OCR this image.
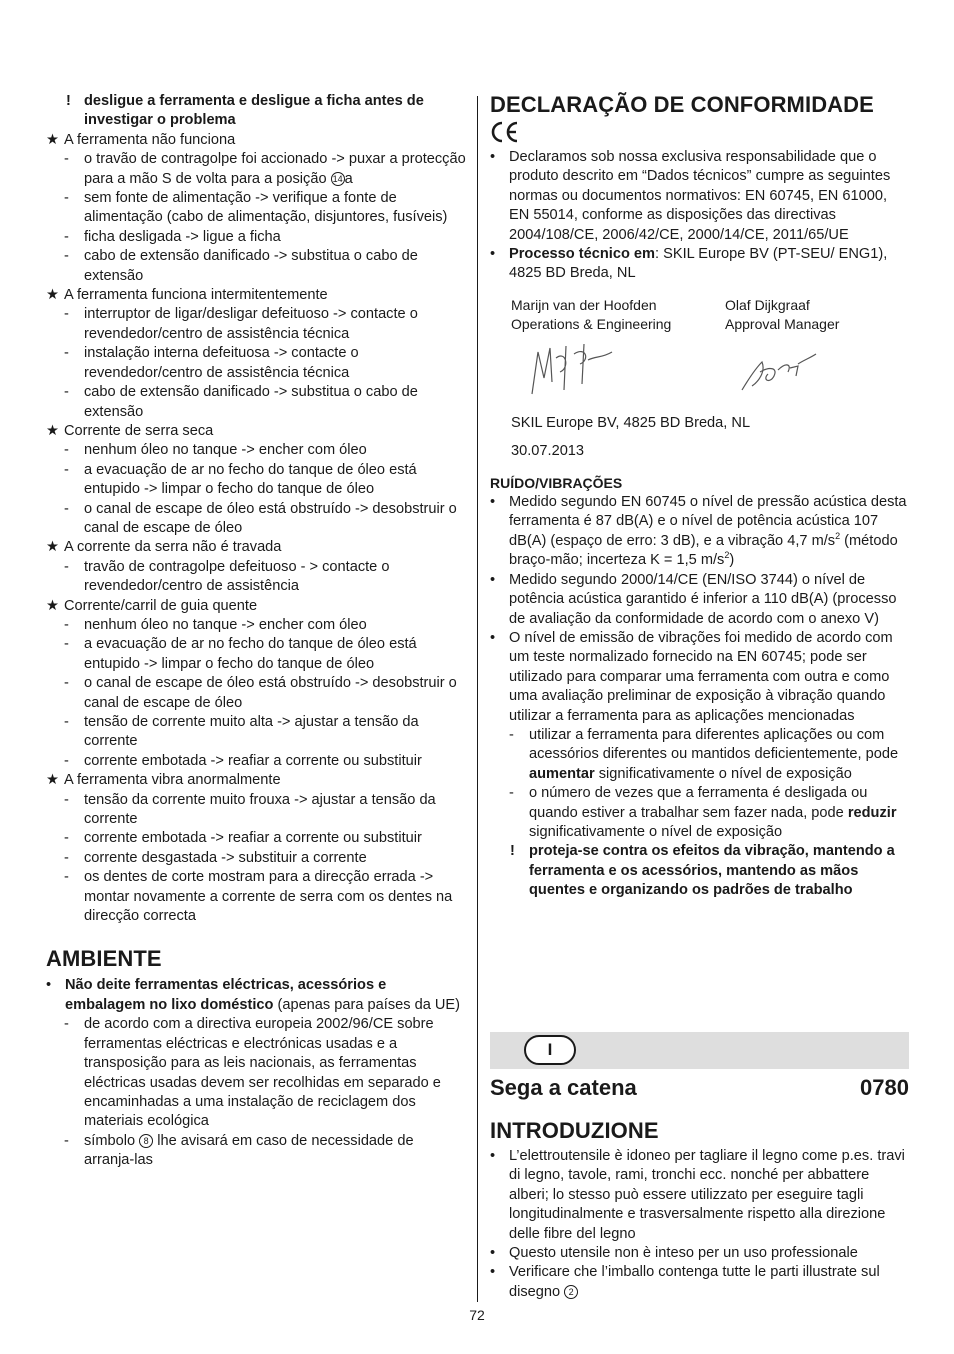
! desligue a ferramenta e desligue a ficha antes de investigar o problema
★ A ferramenta não funciona
- o travão de contragolpe foi accionado -> puxar a protecção para a mão S de volta para a posição 14 a
- sem fonte de alimentação -> verifique a fonte de alimentação (cabo de alimentação, disjuntores, fusíveis)
- ficha desligada -> ligue a ficha
- cabo de extensão danificado -> substitua o cabo de extensão
★ A ferramenta funciona intermitentemente
- interruptor de ligar/desligar defeituoso -> contacte o revendedor/centro de assistência técnica
- instalação interna defeituosa -> contacte o revendedor/centro de assistência técnica
- cabo de extensão danificado -> substitua o cabo de extensão
★ Corrente de serra seca
- nenhum óleo no tanque -> encher com óleo
- a evacuação de ar no fecho do tanque de óleo está entupido -> limpar o fecho do tanque de óleo
- o canal de escape de óleo está obstruído -> desobstruir o canal de escape de óleo
★ A corrente da serra não é travada
- travão de contragolpe defeituoso - > contacte o revendedor/centro de assistência
★ Corrente/carril de guia quente
- nenhum óleo no tanque -> encher com óleo
- a evacuação de ar no fecho do tanque de óleo está entupido -> limpar o fecho do tanque de óleo
- o canal de escape de óleo está obstruído -> desobstruir o canal de escape de óleo
- tensão de corrente muito alta -> ajustar a tensão da corrente
- corrente embotada -> reafiar a corrente ou substituir
★ A ferramenta vibra anormalmente
- tensão da corrente muito frouxa -> ajustar a tensão da corrente
- corrente embotada -> reafiar a corrente ou substituir
- corrente desgastada -> substituir a corrente
- os dentes de corte mostram para a direcção errada -> montar novamente a corrente de serra com os dentes na direcção correcta
AMBIENTE
• Não deite ferramentas eléctricas, acessórios e embalagem no lixo doméstico (apenas para países da UE)
- de acordo com a directiva europeia 2002/96/CE sobre ferramentas eléctricas e electrónicas usadas e a transposição para as leis nacionais, as ferramentas eléctricas usadas devem ser recolhidas em separado e encaminhadas a uma instalação de reciclagem dos materiais ecológica
- símbolo 8 lhe avisará em caso de necessidade de arranja-las
DECLARAÇÃO DE CONFORMIDADE
• Declaramos sob nossa exclusiva responsabilidade que o produto descrito em “Dados técnicos” cumpre as seguintes normas ou documentos normativos: EN 60745, EN 61000, EN 55014, conforme as disposições das directivas 2004/108/CE, 2006/42/CE, 2000/14/CE, 2011/65/UE
• Processo técnico em: SKIL Europe BV (PT-SEU/ ENG1), 4825 BD Breda, NL
Marijn van der Hoofden
Operations & Engineering
Olaf Dijkgraaf
Approval Manager
SKIL Europe BV, 4825 BD Breda, NL
30.07.2013
RUÍDO/VIBRAÇÕES
• Medido segundo EN 60745 o nível de pressão acústica desta ferramenta é 87 dB(A) e o nível de potência acústica 107 dB(A) (espaço de erro: 3 dB), e a vibração 4,7 $m/s^2$ (método braço-mão; incerteza K = 1,5 $m/s^2$)
• Medido segundo 2000/14/CE (EN/ISO 3744) o nível de potência acústica garantido é inferior a 110 dB(A) (processo de avaliação da conformidade de acordo com o anexo V)
• O nível de emissão de vibrações foi medido de acordo com um teste normalizado fornecido na EN 60745; pode ser utilizado para comparar uma ferramenta com outra e como uma avaliação preliminar de exposição à vibração quando utilizar a ferramenta para as aplicações mencionadas
- utilizar a ferramenta para diferentes aplicações ou com acessórios diferentes ou mantidos deficientemente, pode aumentar significativamente o nível de exposição
- o número de vezes que a ferramenta é desligada ou quando estiver a trabalhar sem fazer nada, pode reduzir significativamente o nível de exposição
! proteja-se contra os efeitos da vibração, mantendo a ferramenta e os acessórios, mantendo as mãos quentes e organizando os padrões de trabalho
I
Sega a catena	0780
INTRODUZIONE
• L’elettroutensile è idoneo per tagliare il legno come p.es. travi di legno, tavole, rami, tronchi ecc. nonché per abbattere alberi; lo stesso può essere utilizzato per eseguire tagli longitudinalmente e trasversalmente rispetto alla direzione delle fibre del legno
• Questo utensile non è inteso per un uso professionale
• Verificare che l’imballo contenga tutte le parti illustrate sul disegno 2
72
